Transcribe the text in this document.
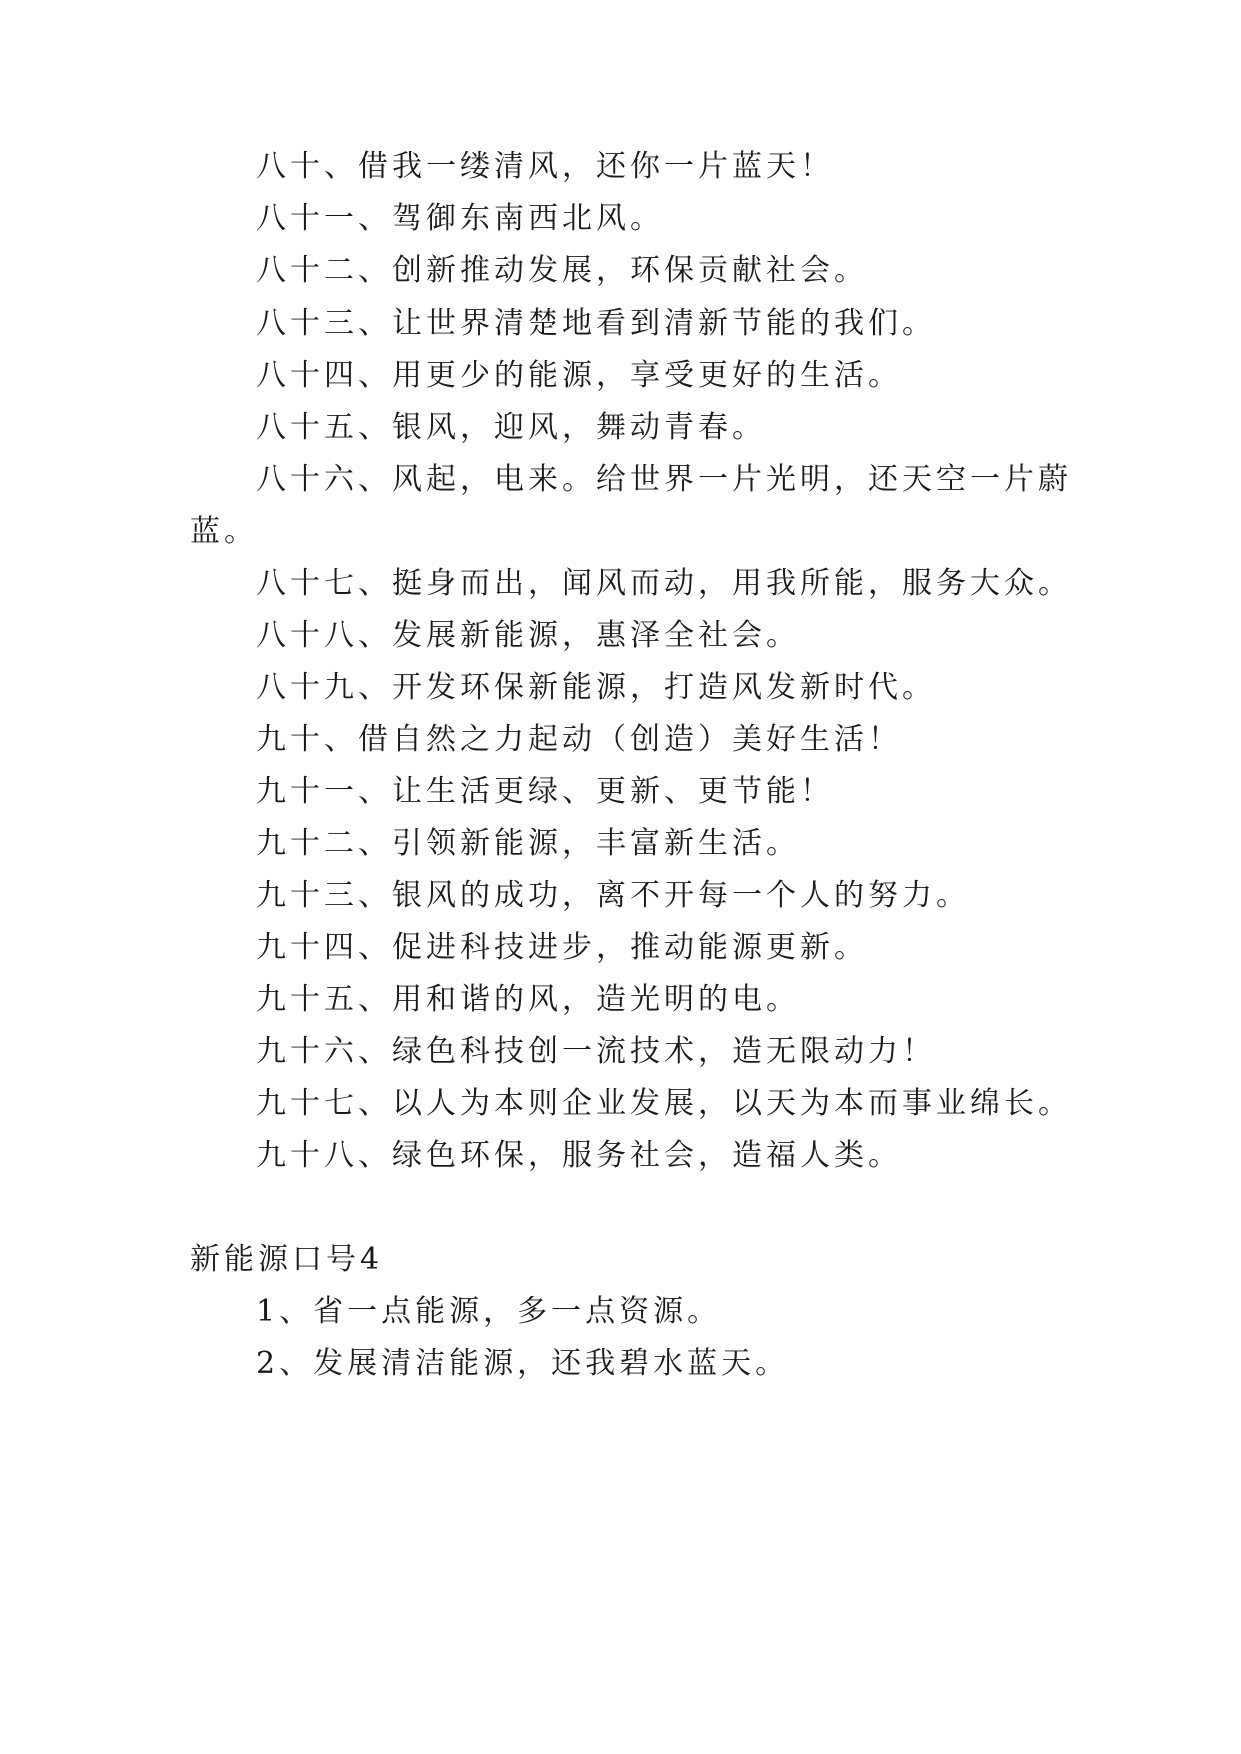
八十、借我一缕清风，还你一片蓝天！
八十一、驾御东南西北风。
八十二、创新推动发展，环保贡献社会。
八十三、让世界清楚地看到清新节能的我们。
八十四、用更少的能源，享受更好的生活。
八十五、银风，迎风，舞动青春。
八十六、风起，电来。给世界一片光明，还天空一片蔚
蓝。
八十七、挺身而出，闻风而动，用我所能，服务大众。
八十八、发展新能源，惠泽全社会。
八十九、开发环保新能源，打造风发新时代。
九十、借自然之力起动（创造）美好生活！
九十一、让生活更绿、更新、更节能！
九十二、引领新能源，丰富新生活。
九十三、银风的成功，离不开每一个人的努力。
九十四、促进科技进步，推动能源更新。
九十五、用和谐的风，造光明的电。
九十六、绿色科技创一流技术，造无限动力！
九十七、以人为本则企业发展，以天为本而事业绵长。
九十八、绿色环保，服务社会，造福人类。
新能源口号4
1、省一点能源，多一点资源。
2、发展清洁能源，还我碧水蓝天。
